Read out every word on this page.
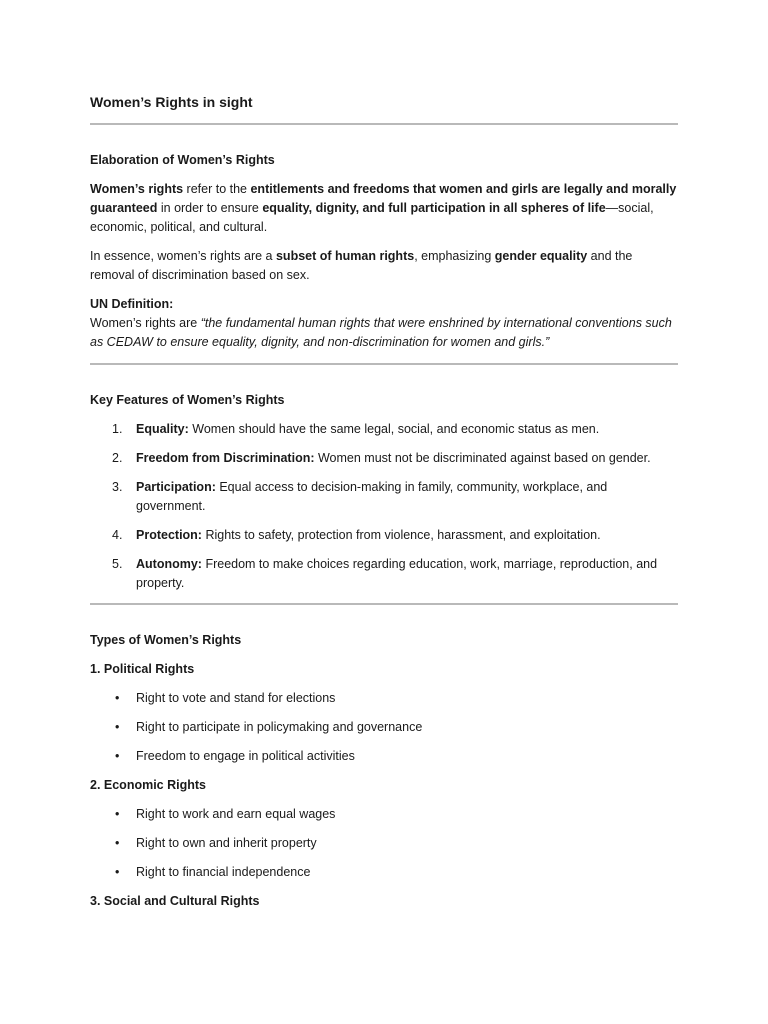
Women’s Rights in sight

Elaboration of Women’s Rights

Women’s rights refer to the entitlements and freedoms that women and girls are legally and morally guaranteed in order to ensure equality, dignity, and full participation in all spheres of life—social, economic, political, and cultural.

In essence, women’s rights are a subset of human rights, emphasizing gender equality and the removal of discrimination based on sex.

UN Definition:

Women’s rights are “the fundamental human rights that were enshrined by international conventions such as CEDAW to ensure equality, dignity, and non-discrimination for women and girls.”

Key Features of Women’s Rights

1. Equality: Women should have the same legal, social, and economic status as men.
2. Freedom from Discrimination: Women must not be discriminated against based on gender.
3. Participation: Equal access to decision-making in family, community, workplace, and government.
4. Protection: Rights to safety, protection from violence, harassment, and exploitation.
5. Autonomy: Freedom to make choices regarding education, work, marriage, reproduction, and property.

Types of Women’s Rights

1. Political Rights

• Right to vote and stand for elections
• Right to participate in policymaking and governance
• Freedom to engage in political activities

2. Economic Rights

• Right to work and earn equal wages
• Right to own and inherit property
• Right to financial independence

3. Social and Cultural Rights
